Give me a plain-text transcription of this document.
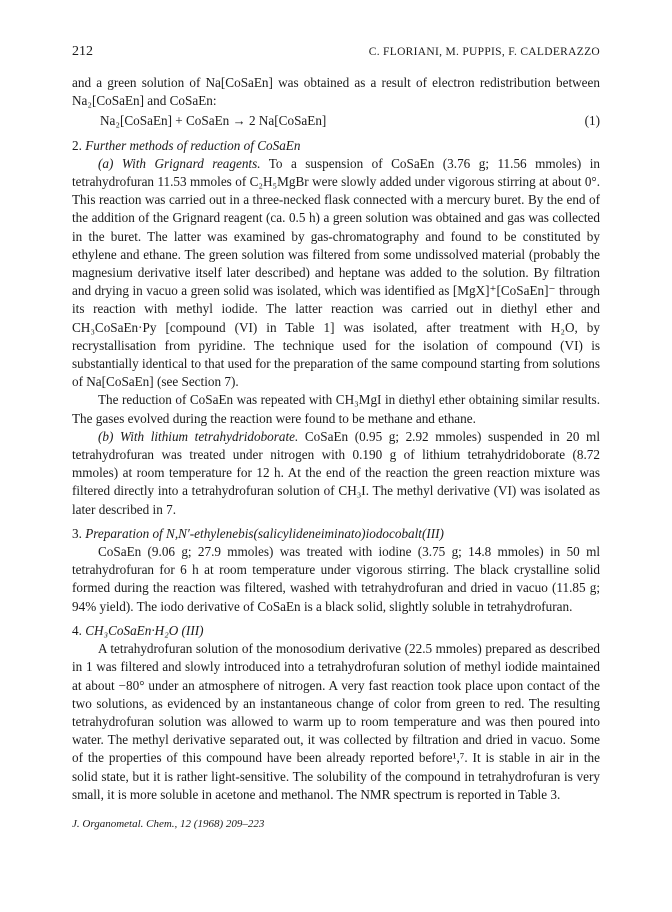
212	C. FLORIANI, M. PUPPIS, F. CALDERAZZO

and a green solution of Na[CoSaEn] was obtained as a result of electron redistribution between Na₂[CoSaEn] and CoSaEn:

Na₂[CoSaEn] + CoSaEn → 2 Na[CoSaEn]	(1)
2. Further methods of reduction of CoSaEn

(a) With Grignard reagents. To a suspension of CoSaEn (3.76 g; 11.56 mmoles) in tetrahydrofuran 11.53 mmoles of C₂H₅MgBr were slowly added under vigorous stirring at about 0°. This reaction was carried out in a three-necked flask connected with a mercury buret. By the end of the addition of the Grignard reagent (ca. 0.5 h) a green solution was obtained and gas was collected in the buret. The latter was examined by gas-chromatography and found to be constituted by ethylene and ethane. The green solution was filtered from some undissolved material (probably the magnesium derivative itself later described) and heptane was added to the solution. By filtration and drying in vacuo a green solid was isolated, which was identified as [MgX]⁺[CoSaEn]⁻ through its reaction with methyl iodide. The latter reaction was carried out in diethyl ether and CH₃CoSaEn·Py [compound (VI) in Table 1] was isolated, after treatment with H₂O, by recrystallisation from pyridine. The technique used for the isolation of compound (VI) is substantially identical to that used for the preparation of the same compound starting from solutions of Na[CoSaEn] (see Section 7).

The reduction of CoSaEn was repeated with CH₃MgI in diethyl ether obtaining similar results. The gases evolved during the reaction were found to be methane and ethane.

(b) With lithium tetrahydridoborate. CoSaEn (0.95 g; 2.92 mmoles) suspended in 20 ml tetrahydrofuran was treated under nitrogen with 0.190 g of lithium tetrahydridoborate (8.72 mmoles) at room temperature for 12 h. At the end of the reaction the green reaction mixture was filtered directly into a tetrahydrofuran solution of CH₃I. The methyl derivative (VI) was isolated as later described in 7.

3. Preparation of N,N′-ethylenebis(salicylideneiminato)iodocobalt(III)

CoSaEn (9.06 g; 27.9 mmoles) was treated with iodine (3.75 g; 14.8 mmoles) in 50 ml tetrahydrofuran for 6 h at room temperature under vigorous stirring. The black crystalline solid formed during the reaction was filtered, washed with tetrahydrofuran and dried in vacuo (11.85 g; 94% yield). The iodo derivative of CoSaEn is a black solid, slightly soluble in tetrahydrofuran.

4. CH₃CoSaEn·H₂O (III)

A tetrahydrofuran solution of the monosodium derivative (22.5 mmoles) prepared as described in 1 was filtered and slowly introduced into a tetrahydrofuran solution of methyl iodide maintained at about −80° under an atmosphere of nitrogen. A very fast reaction took place upon contact of the two solutions, as evidenced by an instantaneous change of color from green to red. The resulting tetrahydrofuran solution was allowed to warm up to room temperature and was then poured into water. The methyl derivative separated out, it was collected by filtration and dried in vacuo. Some of the properties of this compound have been already reported before¹,⁷. It is stable in air in the solid state, but it is rather light-sensitive. The solubility of the compound in tetrahydrofuran is very small, it is more soluble in acetone and methanol. The NMR spectrum is reported in Table 3.

J. Organometal. Chem., 12 (1968) 209–223
